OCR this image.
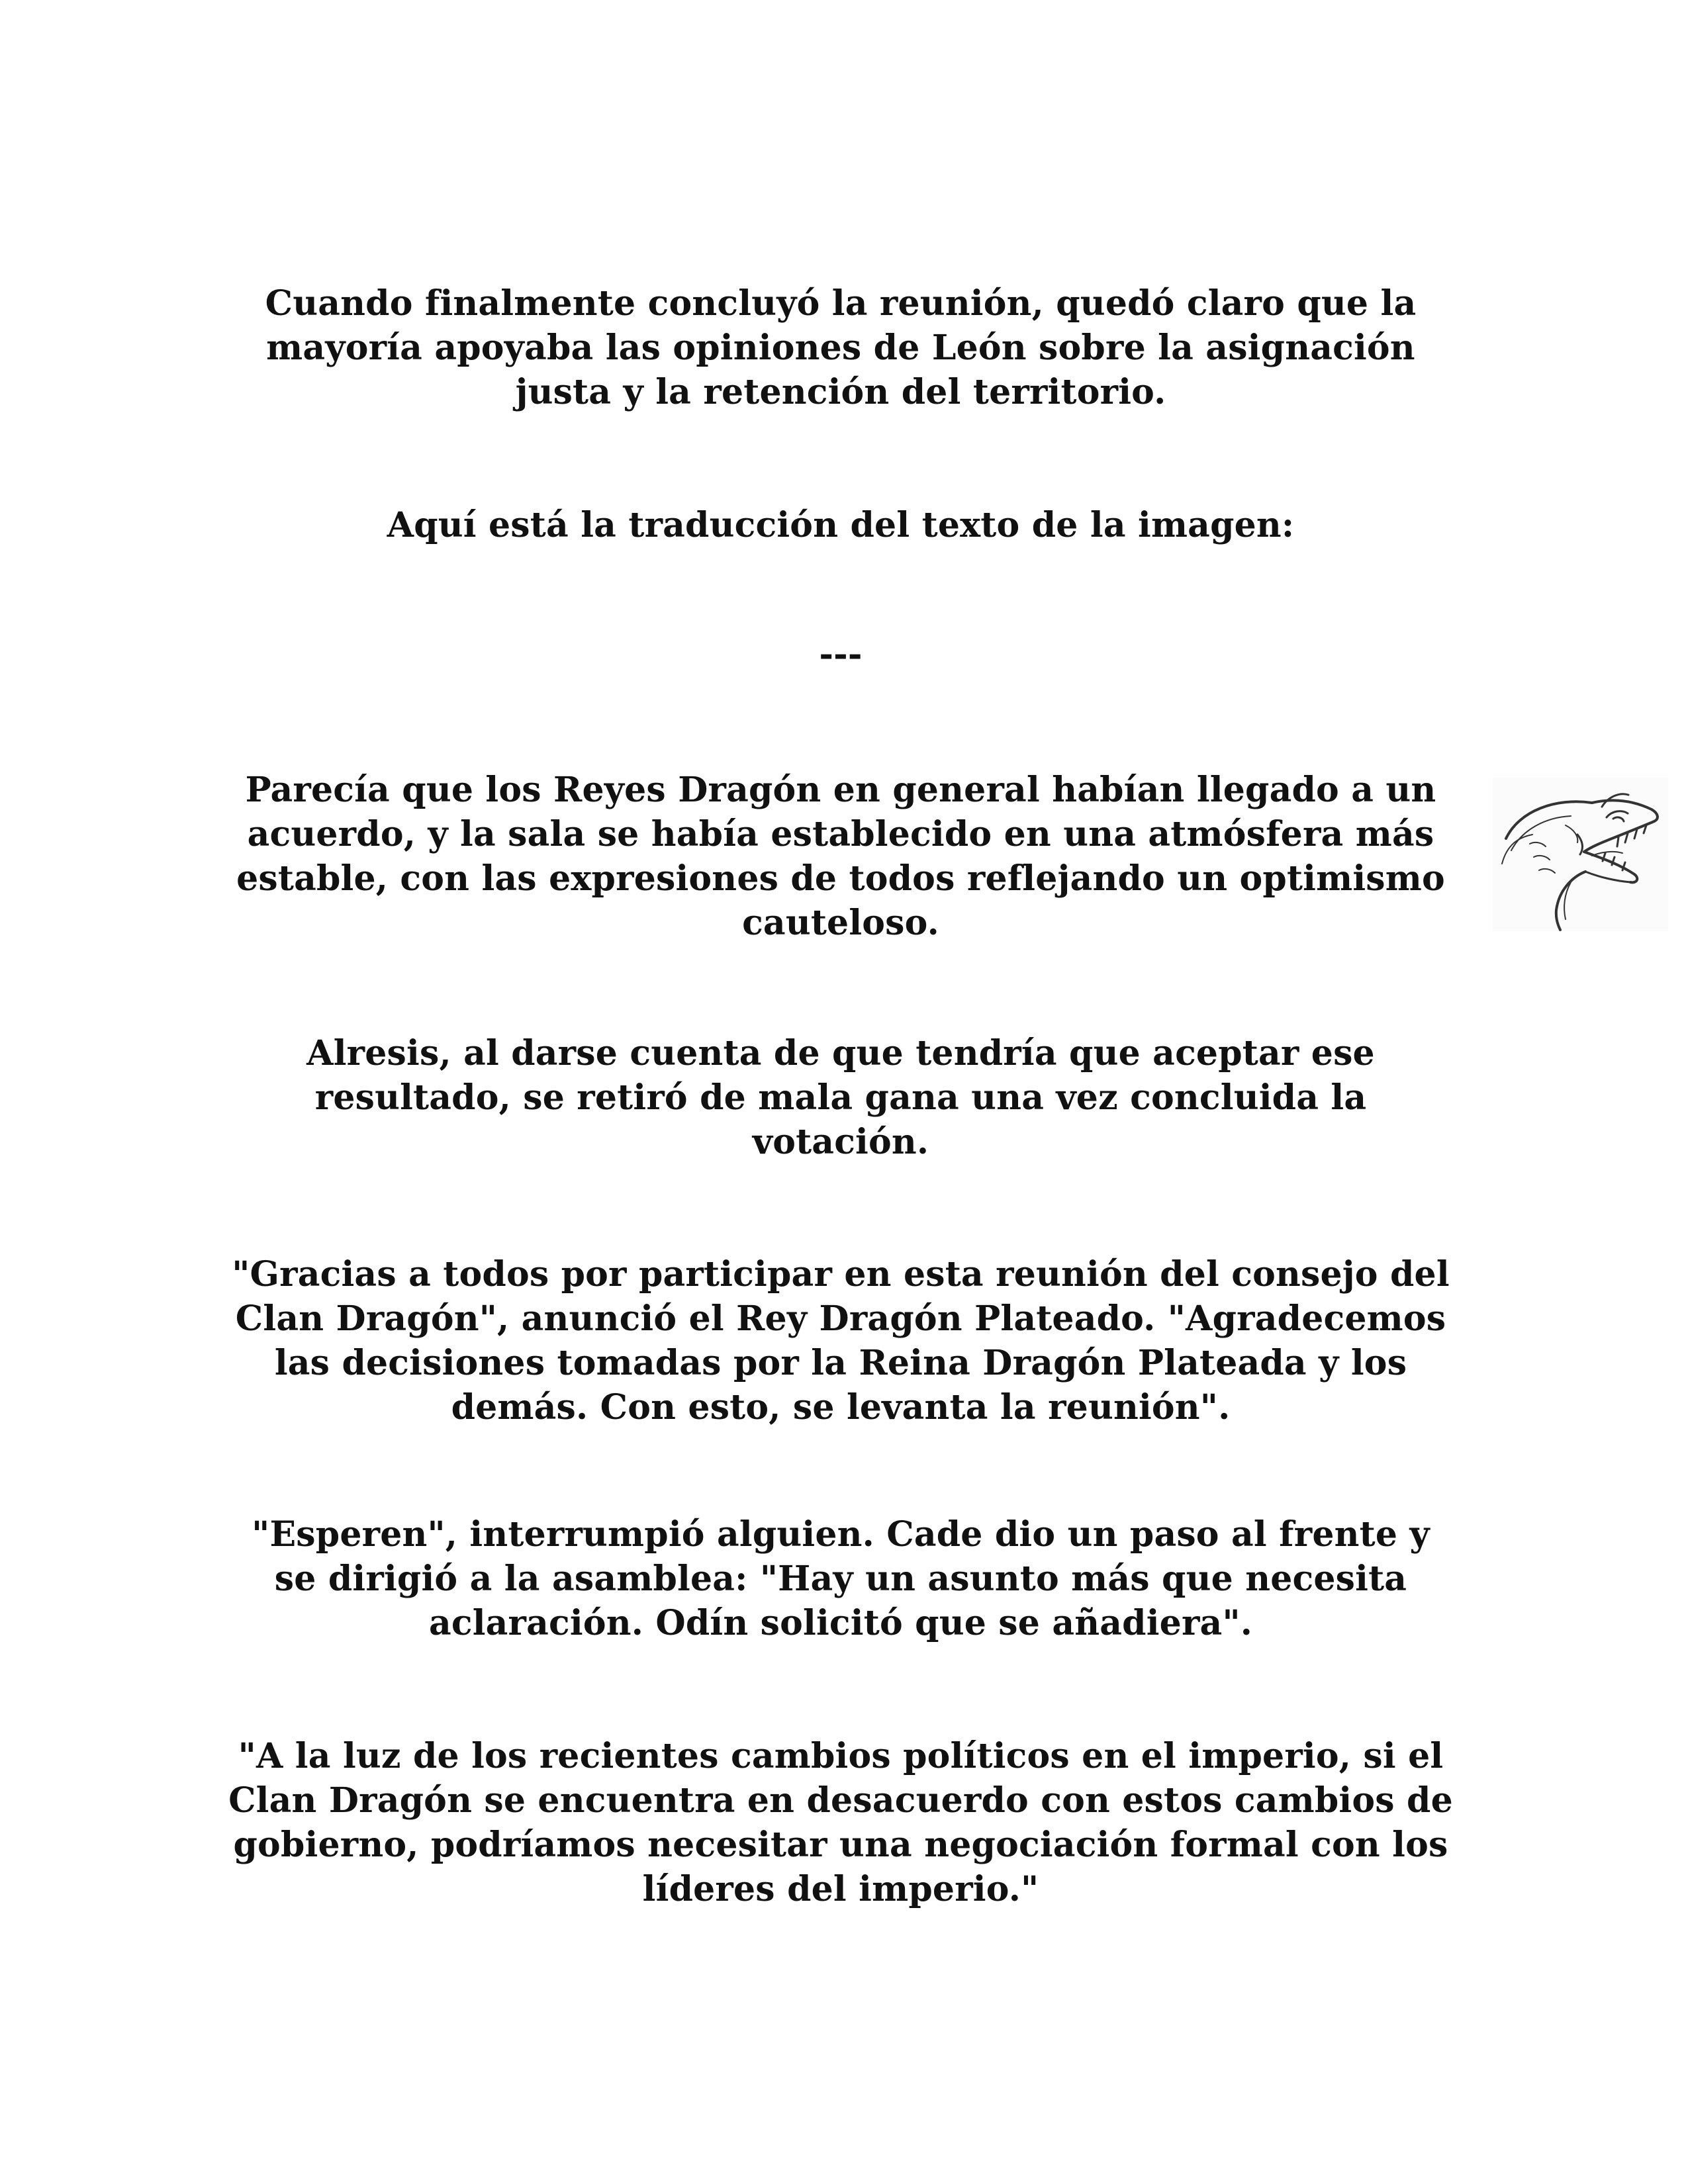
Cuando finalmente concluyó la reunión, quedó claro que la mayoría apoyaba las opiniones de León sobre la asignación justa y la retención del territorio.

Aquí está la traducción del texto de la imagen:

---

Parecía que los Reyes Dragón en general habían llegado a un acuerdo, y la sala se había establecido en una atmósfera más estable, con las expresiones de todos reflejando un optimismo cauteloso.

Alresis, al darse cuenta de que tendría que aceptar ese resultado, se retiró de mala gana una vez concluida la votación.

"Gracias a todos por participar en esta reunión del consejo del Clan Dragón", anunció el Rey Dragón Plateado. "Agradecemos las decisiones tomadas por la Reina Dragón Plateada y los demás. Con esto, se levanta la reunión".

"Esperen", interrumpió alguien. Cade dio un paso al frente y se dirigió a la asamblea: "Hay un asunto más que necesita aclaración. Odín solicitó que se añadiera".

"A la luz de los recientes cambios políticos en el imperio, si el Clan Dragón se encuentra en desacuerdo con estos cambios de gobierno, podríamos necesitar una negociación formal con los líderes del imperio."
